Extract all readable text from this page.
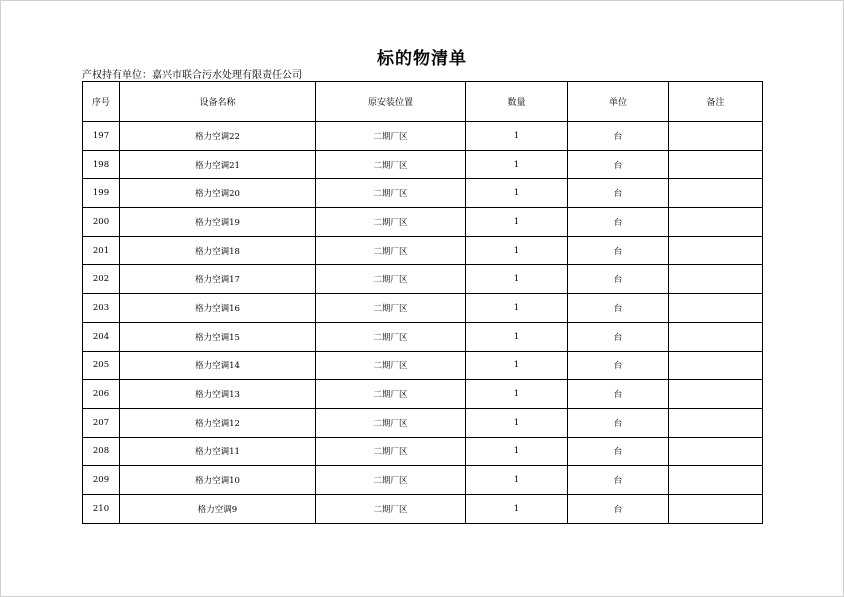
标的物清单
产权持有单位：嘉兴市联合污水处理有限责任公司
序号	设备名称	原安装位置	数量	单位	备注
197	格力空调22	二期厂区	1	台	
198	格力空调21	二期厂区	1	台	
199	格力空调20	二期厂区	1	台	
200	格力空调19	二期厂区	1	台	
201	格力空调18	二期厂区	1	台	
202	格力空调17	二期厂区	1	台	
203	格力空调16	二期厂区	1	台	
204	格力空调15	二期厂区	1	台	
205	格力空调14	二期厂区	1	台	
206	格力空调13	二期厂区	1	台	
207	格力空调12	二期厂区	1	台	
208	格力空调11	二期厂区	1	台	
209	格力空调10	二期厂区	1	台	
210	格力空调9	二期厂区	1	台	
